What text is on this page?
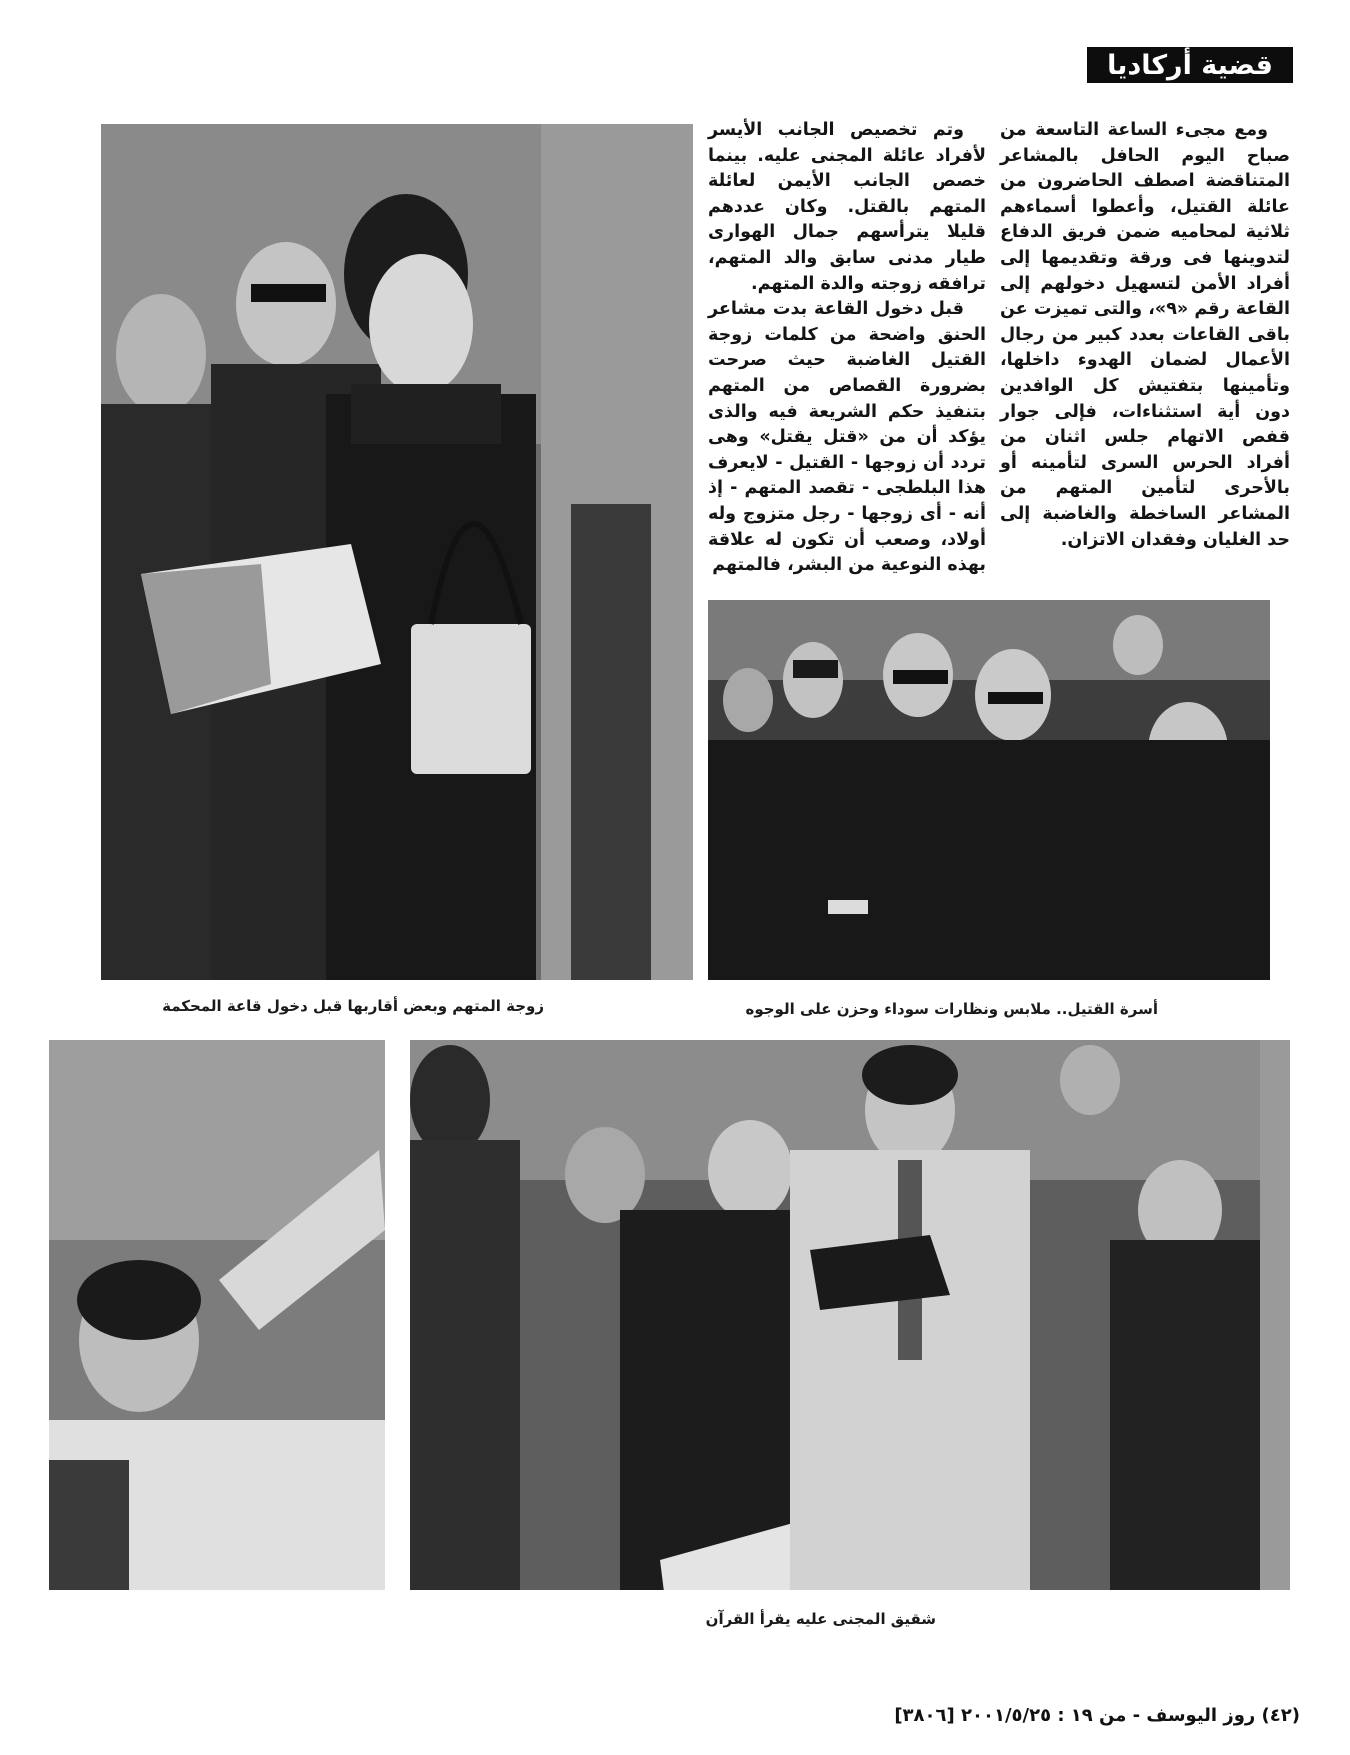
قضية أركاديا

ومع مجىء الساعة التاسعة من صباح اليوم الحافل بالمشاعر المتناقضة اصطف الحاضرون من عائلة القتيل، وأعطوا أسماءهم ثلاثية لمحاميه ضمن فريق الدفاع لتدوينها فى ورقة وتقديمها إلى أفراد الأمن لتسهيل دخولهم إلى القاعة رقم «٩»، والتى تميزت عن باقى القاعات بعدد كبير من رجال الأعمال لضمان الهدوء داخلها، وتأمينها بتفتيش كل الوافدين دون أية استثناءات، فإلى جوار قفص الاتهام جلس اثنان من أفراد الحرس السرى لتأمينه أو بالأحرى لتأمين المتهم من المشاعر الساخطة والغاضبة إلى حد الغليان وفقدان الاتزان.

وتم تخصيص الجانب الأيسر لأفراد عائلة المجنى عليه. بينما خصص الجانب الأيمن لعائلة المتهم بالقتل. وكان عددهم قليلا يترأسهم جمال الهوارى طيار مدنى سابق والد المتهم، ترافقه زوجته والدة المتهم.

قبل دخول القاعة بدت مشاعر الحنق واضحة من كلمات زوجة القتيل الغاضبة حيث صرحت بضرورة القصاص من المتهم بتنفيذ حكم الشريعة فيه والذى يؤكد أن من «قتل يقتل» وهى تردد أن زوجها - القتيل - لايعرف هذا البلطجى - تقصد المتهم - إذ أنه - أى زوجها - رجل متزوج وله أولاد، وصعب أن تكون له علاقة بهذه النوعية من البشر، فالمتهم

زوجة المتهم وبعض أقاربها قبل دخول قاعة المحكمة	أسرة القتيل.. ملابس ونظارات سوداء وحزن على الوجوه
شقيق المجنى عليه يقرأ القرآن
(٤٢) روز اليوسف - من ١٩ : ٢٠٠١/٥/٢٥ [٣٨٠٦]
